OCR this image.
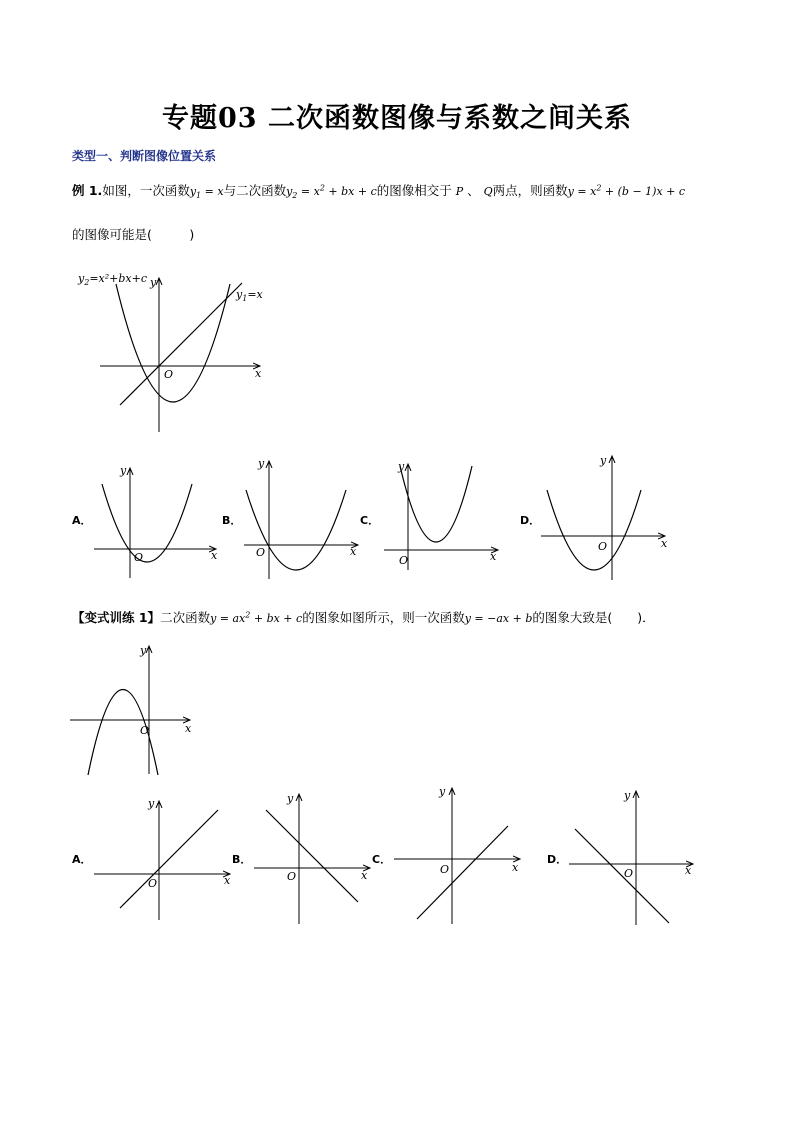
专题03 二次函数图像与系数之间关系
类型一、判断图像位置关系
例 1.如图，一次函数$y_1 = x$与二次函数$y_2 = x^2$ + bx + c的图像相交于 P 、 Q两点，则函数$y = x^2 + (b - 1)x + c$
的图像可能是(　　　)
$y_2=x^2+bx+c$
$y_1=x$
y
x
O
A．
y
x
O
B．
y
x
O
C．
y
x
O
D．
y
x
O
【变式训练 1】二次函数$y = ax^2$ + bx + c的图象如图所示，则一次函数y = −ax + b的图象大致是(　　)．
y
x
O
A．
y
x
O
B．
y
x
O
C．
y
x
O
D．
y
x
O
